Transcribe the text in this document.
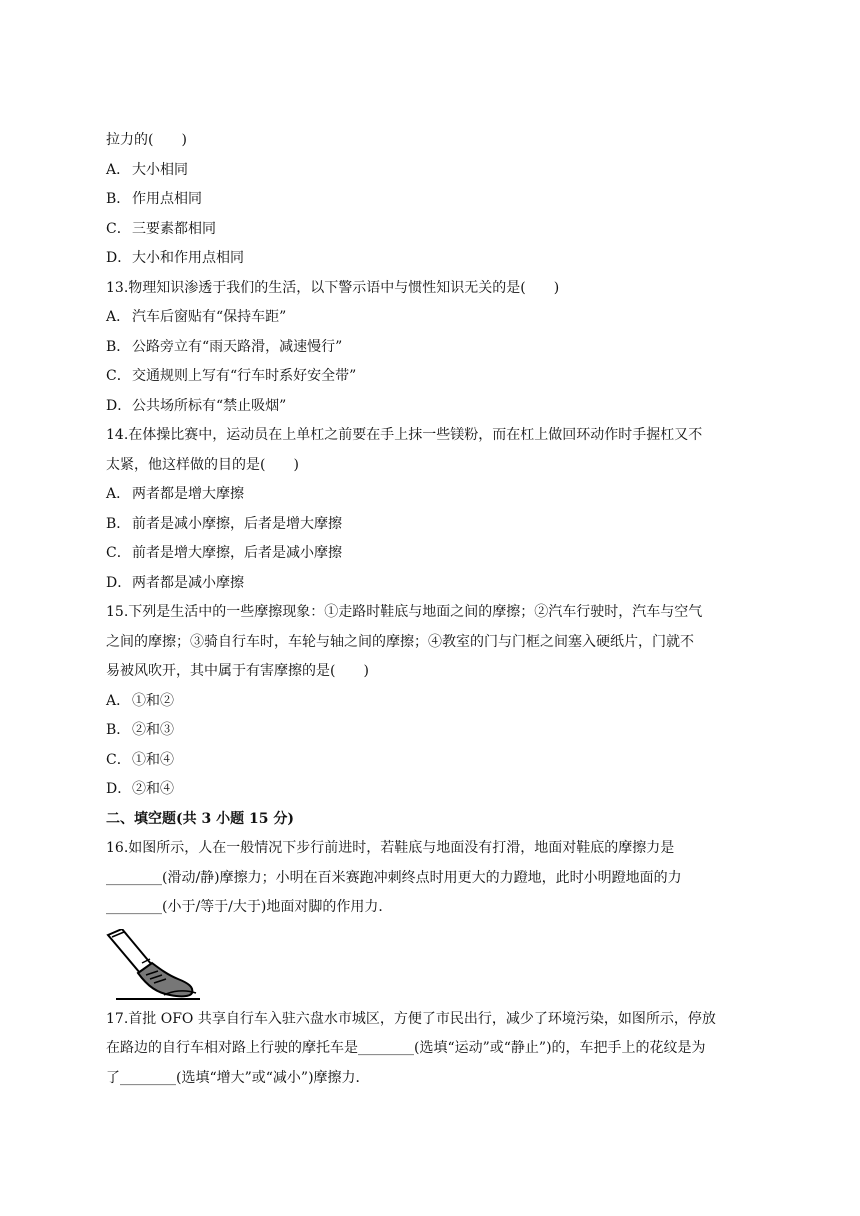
拉力的(　　)
A． 大小相同
B． 作用点相同
C． 三要素都相同
D． 大小和作用点相同
13.物理知识渗透于我们的生活，以下警示语中与惯性知识无关的是(　　)
A． 汽车后窗贴有“保持车距”
B． 公路旁立有“雨天路滑，减速慢行”
C． 交通规则上写有“行车时系好安全带”
D． 公共场所标有“禁止吸烟”
14.在体操比赛中，运动员在上单杠之前要在手上抹一些镁粉，而在杠上做回环动作时手握杠又不
太紧，他这样做的目的是(　　)
A． 两者都是增大摩擦
B． 前者是减小摩擦，后者是增大摩擦
C． 前者是增大摩擦，后者是减小摩擦
D． 两者都是减小摩擦
15.下列是生活中的一些摩擦现象：①走路时鞋底与地面之间的摩擦；②汽车行驶时，汽车与空气
之间的摩擦；③骑自行车时，车轮与轴之间的摩擦；④教室的门与门框之间塞入硬纸片，门就不
易被风吹开，其中属于有害摩擦的是(　　)
A． ①和②
B． ②和③
C． ①和④
D． ②和④
二、填空题(共 3 小题 15 分)
16.如图所示，人在一般情况下步行前进时，若鞋底与地面没有打滑，地面对鞋底的摩擦力是
________(滑动/静)摩擦力；小明在百米赛跑冲刺终点时用更大的力蹬地，此时小明蹬地面的力
________(小于/等于/大于)地面对脚的作用力．
17.首批 OFO 共享自行车入驻六盘水市城区，方便了市民出行，减少了环境污染，如图所示，停放
在路边的自行车相对路上行驶的摩托车是________(选填“运动”或“静止”)的，车把手上的花纹是为
了________(选填“增大”或“减小”)摩擦力．
